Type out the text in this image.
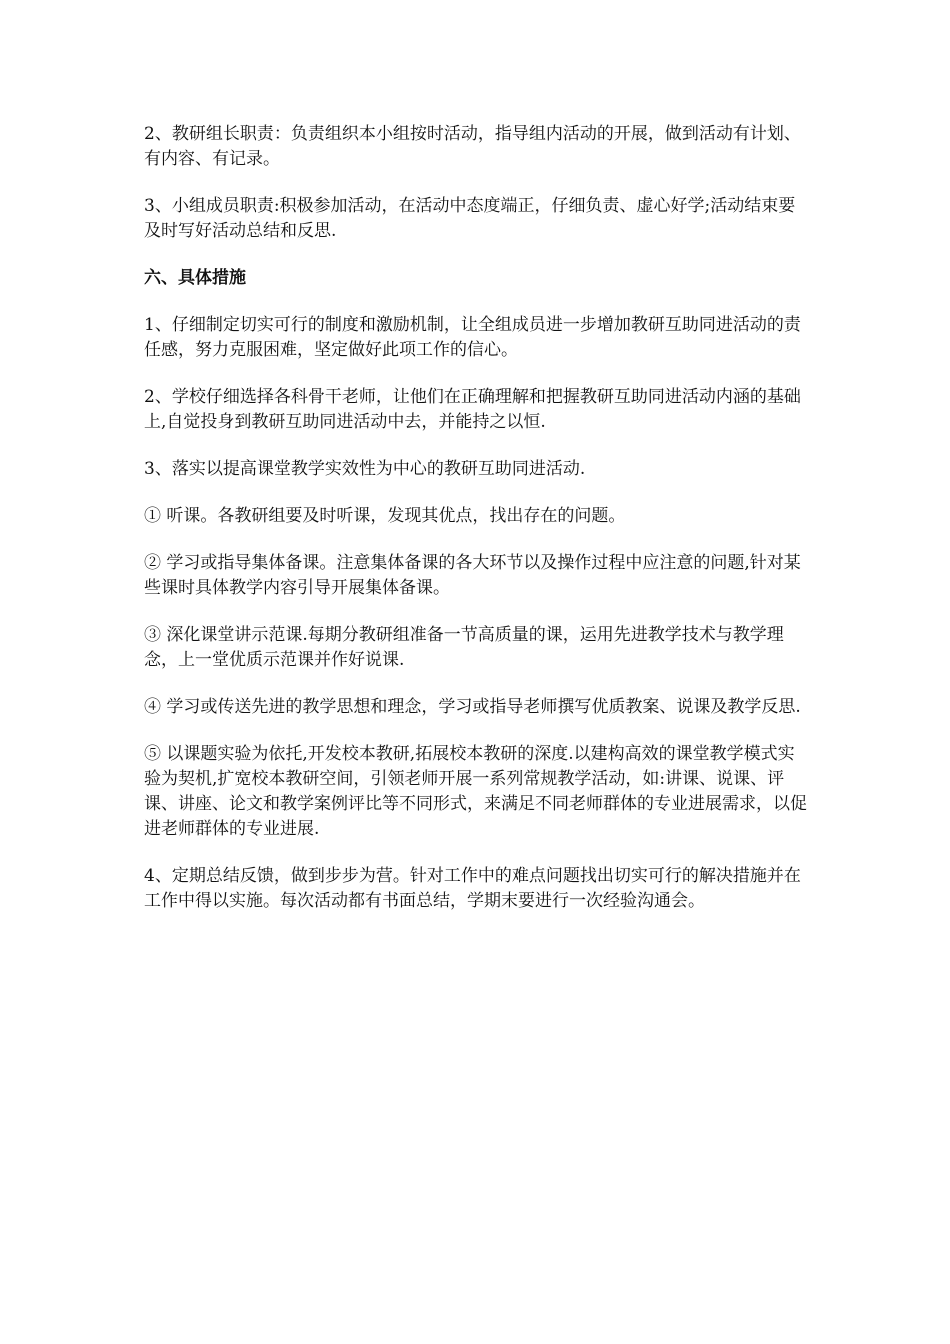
2、教研组长职责：负责组织本小组按时活动，指导组内活动的开展，做到活动有计划、有内容、有记录。

3、小组成员职责:积极参加活动，在活动中态度端正，仔细负责、虚心好学;活动结束要及时写好活动总结和反思.

六、具体措施

1、仔细制定切实可行的制度和激励机制，让全组成员进一步增加教研互助同进活动的责任感，努力克服困难，坚定做好此项工作的信心。

2、学校仔细选择各科骨干老师，让他们在正确理解和把握教研互助同进活动内涵的基础上,自觉投身到教研互助同进活动中去，并能持之以恒.

3、落实以提高课堂教学实效性为中心的教研互助同进活动.

① 听课。各教研组要及时听课，发现其优点，找出存在的问题。

② 学习或指导集体备课。注意集体备课的各大环节以及操作过程中应注意的问题,针对某些课时具体教学内容引导开展集体备课。

③ 深化课堂讲示范课.每期分教研组准备一节高质量的课，运用先进教学技术与教学理念，上一堂优质示范课并作好说课.

④ 学习或传送先进的教学思想和理念，学习或指导老师撰写优质教案、说课及教学反思.

⑤ 以课题实验为依托,开发校本教研,拓展校本教研的深度.以建构高效的课堂教学模式实验为契机,扩宽校本教研空间，引领老师开展一系列常规教学活动，如:讲课、说课、评课、讲座、论文和教学案例评比等不同形式，来满足不同老师群体的专业进展需求，以促进老师群体的专业进展.

4、定期总结反馈，做到步步为营。针对工作中的难点问题找出切实可行的解决措施并在工作中得以实施。每次活动都有书面总结，学期末要进行一次经验沟通会。
